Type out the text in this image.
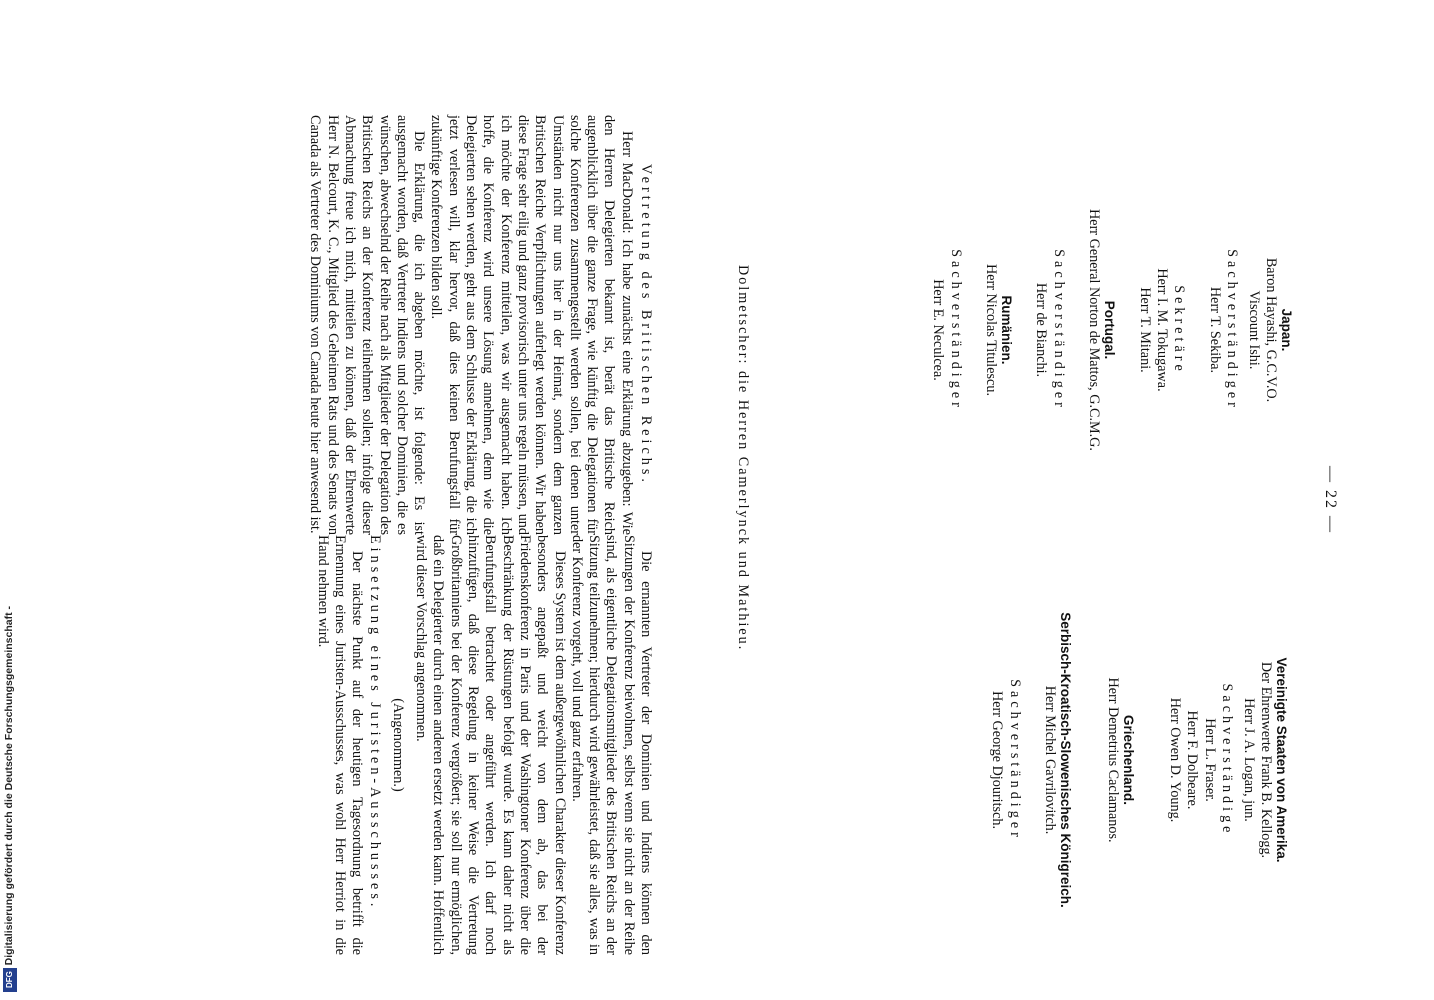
Digitalisierung gefördert durch die Deutsche Forschungsgemeinschaft -
DFG
— 22 —
Japan.
Baron Hayashi, G.C.V.O.
Viscount Ishi.
Sachverständiger
Herr T. Sekiba.
Sekretäre
Herr I. M. Tokugawa.
Herr T. Mitani.
Portugal.
Herr General Norton de Mattos, G.C.M.G.
Sachverständiger
Herr de Bianchi.
Rumänien.
Herr Nicolas Titulescu.
Sachverständiger
Herr E. Neculcea.
Dolmetscher: die Herren Camerlynck und Mathieu.
Vereinigte Staaten von Amerika.
Der Ehrenwerte Frank B. Kellogg.
Herr J. A. Logan, jun.
Sachverständige
Herr L. Fraser.
Herr F. Dolbeare.
Herr Owen D. Young.
Griechenland.
Herr Demetrius Caclamanos.
Serbisch-Kroatisch-Slowenisches Königreich.
Herr Michel Gavrilovitch.
Sachverständiger
Herr George Djouritsch.
Vertretung des Britischen Reichs.

Herr MacDonald: Ich habe zunächst eine Erklärung abzugeben: Wie den Herren Delegierten bekannt ist, berät das Britische Reich augenblicklich über die ganze Frage, wie künftig die Delegationen für solche Konferenzen zusammengestellt werden sollen, bei denen unter Umständen nicht nur uns hier in der Heimat, sondern dem ganzen Britischen Reiche Verpflichtungen auferlegt werden können. Wir haben diese Frage sehr eilig und ganz provisorisch unter uns regeln müssen, und ich möchte der Konferenz mitteilen, was wir ausgemacht haben. Ich hoffe, die Konferenz wird unsere Lösung annehmen, denn wie die Delegierten sehen werden, geht aus dem Schlusse der Erklärung, die ich jetzt verlesen will, klar hervor, daß dies keinen Berufungsfall für zukünftige Konferenzen bilden soll.

Die Erklärung, die ich abgeben möchte, ist folgende: Es ist ausgemacht worden, daß Vertreter Indiens und solcher Dominien, die es wünschen, abwechselnd der Reihe nach als Mitglieder der Delegation des Britischen Reichs an der Konferenz teilnehmen sollen; infolge dieser Abmachung freue ich mich, mitteilen zu können, daß der Ehrenwerte Herr N. Belcourt, K. C., Mitglied des Geheimen Rats und des Senats von Canada als Vertreter des Dominiums von Canada heute hier anwesend ist.

Die ernannten Vertreter der Dominien und Indiens können den Sitzungen der Konferenz beiwohnen, selbst wenn sie nicht an der Reihe sind, als eigentliche Delegationsmitglieder des Britischen Reichs an der Sitzung teilzunehmen; hierdurch wird gewährleistet, daß sie alles, was in der Konferenz vorgeht, voll und ganz erfahren.

Dieses System ist dem außergewöhnlichen Charakter dieser Konferenz besonders angepaßt und weicht von dem ab, das bei der Friedenskonferenz in Paris und der Washingtoner Konferenz über die Beschränkung der Rüstungen befolgt wurde. Es kann daher nicht als Berufungsfall betrachtet oder angeführt werden. Ich darf noch hinzufügen, daß diese Regelung in keiner Weise die Vertretung Großbritanniens bei der Konferenz vergrößert; sie soll nur ermöglichen, daß ein Delegierter durch einen anderen ersetzt werden kann. Hoffentlich wird dieser Vorschlag angenommen.

(Angenommen.)

Einsetzung eines Juristen-Ausschusses.

Der nächste Punkt auf der heutigen Tagesordnung betrifft die Ernennung eines Juristen-Ausschusses, was wohl Herr Herriot in die Hand nehmen wird.
